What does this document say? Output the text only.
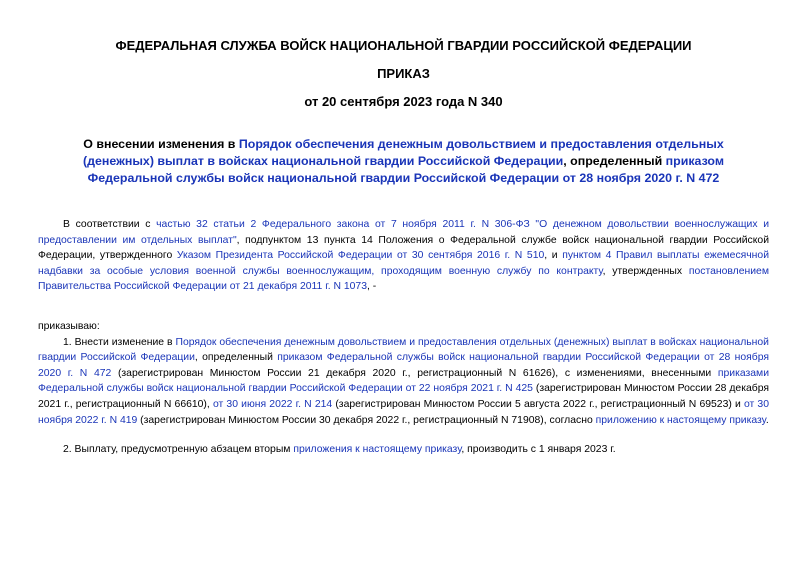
ФЕДЕРАЛЬНАЯ СЛУЖБА ВОЙСК НАЦИОНАЛЬНОЙ ГВАРДИИ РОССИЙСКОЙ ФЕДЕРАЦИИ

ПРИКАЗ

от 20 сентября 2023 года N 340

О внесении изменения в Порядок обеспечения денежным довольствием и предоставления отдельных (денежных) выплат в войсках национальной гвардии Российской Федерации, определенный приказом Федеральной службы войск национальной гвардии Российской Федерации от 28 ноября 2020 г. N 472

В соответствии с частью 32 статьи 2 Федерального закона от 7 ноября 2011 г. N 306-ФЗ "О денежном довольствии военнослужащих и предоставлении им отдельных выплат", подпунктом 13 пункта 14 Положения о Федеральной службе войск национальной гвардии Российской Федерации, утвержденного Указом Президента Российской Федерации от 30 сентября 2016 г. N 510, и пунктом 4 Правил выплаты ежемесячной надбавки за особые условия военной службы военнослужащим, проходящим военную службу по контракту, утвержденных постановлением Правительства Российской Федерации от 21 декабря 2011 г. N 1073, -

приказываю:

1. Внести изменение в Порядок обеспечения денежным довольствием и предоставления отдельных (денежных) выплат в войсках национальной гвардии Российской Федерации, определенный приказом Федеральной службы войск национальной гвардии Российской Федерации от 28 ноября 2020 г. N 472 (зарегистрирован Минюстом России 21 декабря 2020 г., регистрационный N 61626), с изменениями, внесенными приказами Федеральной службы войск национальной гвардии Российской Федерации от 22 ноября 2021 г. N 425 (зарегистрирован Минюстом России 28 декабря 2021 г., регистрационный N 66610), от 30 июня 2022 г. N 214 (зарегистрирован Минюстом России 5 августа 2022 г., регистрационный N 69523) и от 30 ноября 2022 г. N 419 (зарегистрирован Минюстом России 30 декабря 2022 г., регистрационный N 71908), согласно приложению к настоящему приказу.

2. Выплату, предусмотренную абзацем вторым приложения к настоящему приказу, производить с 1 января 2023 г.
